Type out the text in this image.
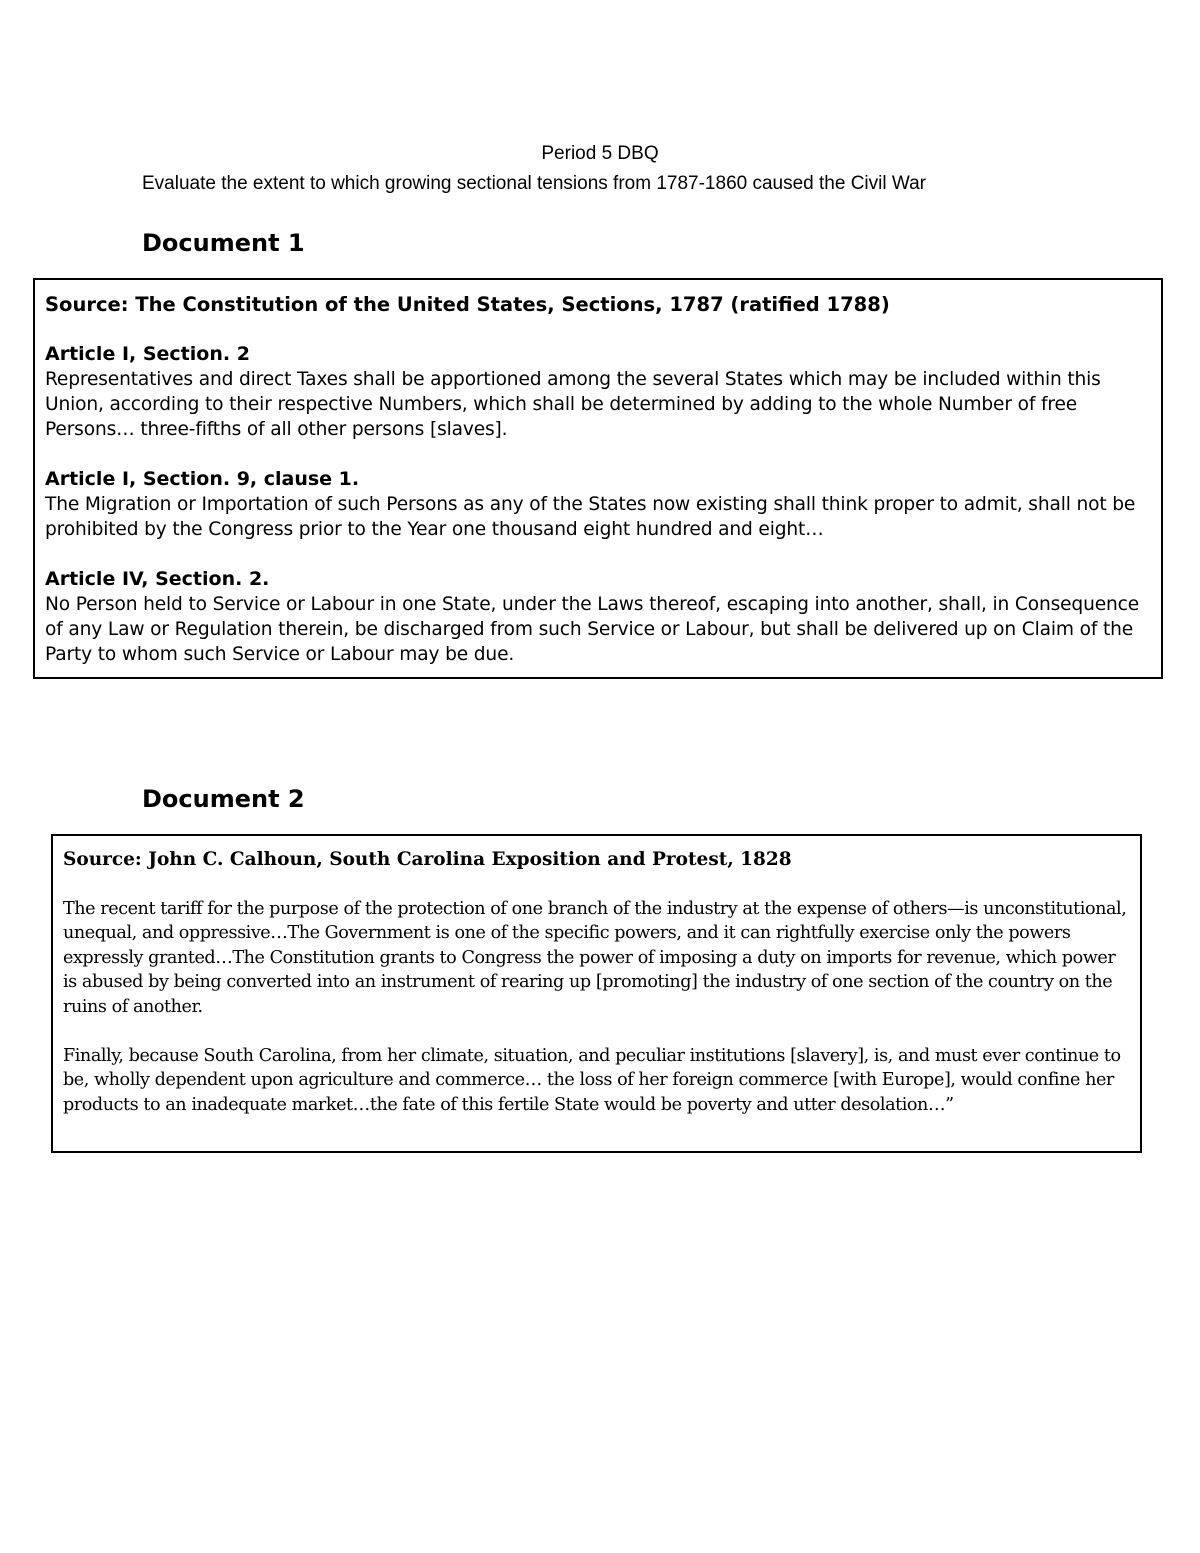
Period 5 DBQ
Evaluate the extent to which growing sectional tensions from 1787-1860 caused the Civil War
Document 1
Source: The Constitution of the United States, Sections, 1787 (ratified 1788)
Article I, Section. 2
Representatives and direct Taxes shall be apportioned among the several States which may be included within this Union, according to their respective Numbers, which shall be determined by adding to the whole Number of free Persons… three-fifths of all other persons [slaves].
Article I, Section. 9, clause 1.
The Migration or Importation of such Persons as any of the States now existing shall think proper to admit, shall not be prohibited by the Congress prior to the Year one thousand eight hundred and eight…
Article IV, Section. 2.
No Person held to Service or Labour in one State, under the Laws thereof, escaping into another, shall, in Consequence of any Law or Regulation therein, be discharged from such Service or Labour, but shall be delivered up on Claim of the Party to whom such Service or Labour may be due.
Document 2
Source: John C. Calhoun, South Carolina Exposition and Protest, 1828

The recent tariff for the purpose of the protection of one branch of the industry at the expense of others—is unconstitutional, unequal, and oppressive…The Government is one of the specific powers, and it can rightfully exercise only the powers expressly granted…The Constitution grants to Congress the power of imposing a duty on imports for revenue, which power is abused by being converted into an instrument of rearing up [promoting] the industry of one section of the country on the ruins of another.

Finally, because South Carolina, from her climate, situation, and peculiar institutions [slavery], is, and must ever continue to be, wholly dependent upon agriculture and commerce… the loss of her foreign commerce [with Europe], would confine her products to an inadequate market…the fate of this fertile State would be poverty and utter desolation…”
